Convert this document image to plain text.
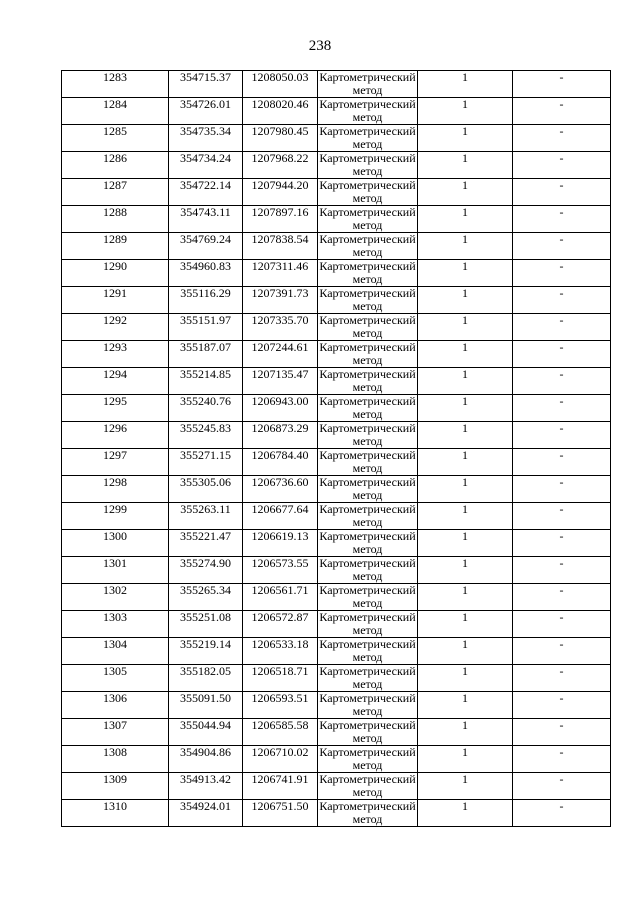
238
1283	354715.37	1208050.03	Картометрический метод	1	-
1284	354726.01	1208020.46	Картометрический метод	1	-
1285	354735.34	1207980.45	Картометрический метод	1	-
1286	354734.24	1207968.22	Картометрический метод	1	-
1287	354722.14	1207944.20	Картометрический метод	1	-
1288	354743.11	1207897.16	Картометрический метод	1	-
1289	354769.24	1207838.54	Картометрический метод	1	-
1290	354960.83	1207311.46	Картометрический метод	1	-
1291	355116.29	1207391.73	Картометрический метод	1	-
1292	355151.97	1207335.70	Картометрический метод	1	-
1293	355187.07	1207244.61	Картометрический метод	1	-
1294	355214.85	1207135.47	Картометрический метод	1	-
1295	355240.76	1206943.00	Картометрический метод	1	-
1296	355245.83	1206873.29	Картометрический метод	1	-
1297	355271.15	1206784.40	Картометрический метод	1	-
1298	355305.06	1206736.60	Картометрический метод	1	-
1299	355263.11	1206677.64	Картометрический метод	1	-
1300	355221.47	1206619.13	Картометрический метод	1	-
1301	355274.90	1206573.55	Картометрический метод	1	-
1302	355265.34	1206561.71	Картометрический метод	1	-
1303	355251.08	1206572.87	Картометрический метод	1	-
1304	355219.14	1206533.18	Картометрический метод	1	-
1305	355182.05	1206518.71	Картометрический метод	1	-
1306	355091.50	1206593.51	Картометрический метод	1	-
1307	355044.94	1206585.58	Картометрический метод	1	-
1308	354904.86	1206710.02	Картометрический метод	1	-
1309	354913.42	1206741.91	Картометрический метод	1	-
1310	354924.01	1206751.50	Картометрический метод	1	-
